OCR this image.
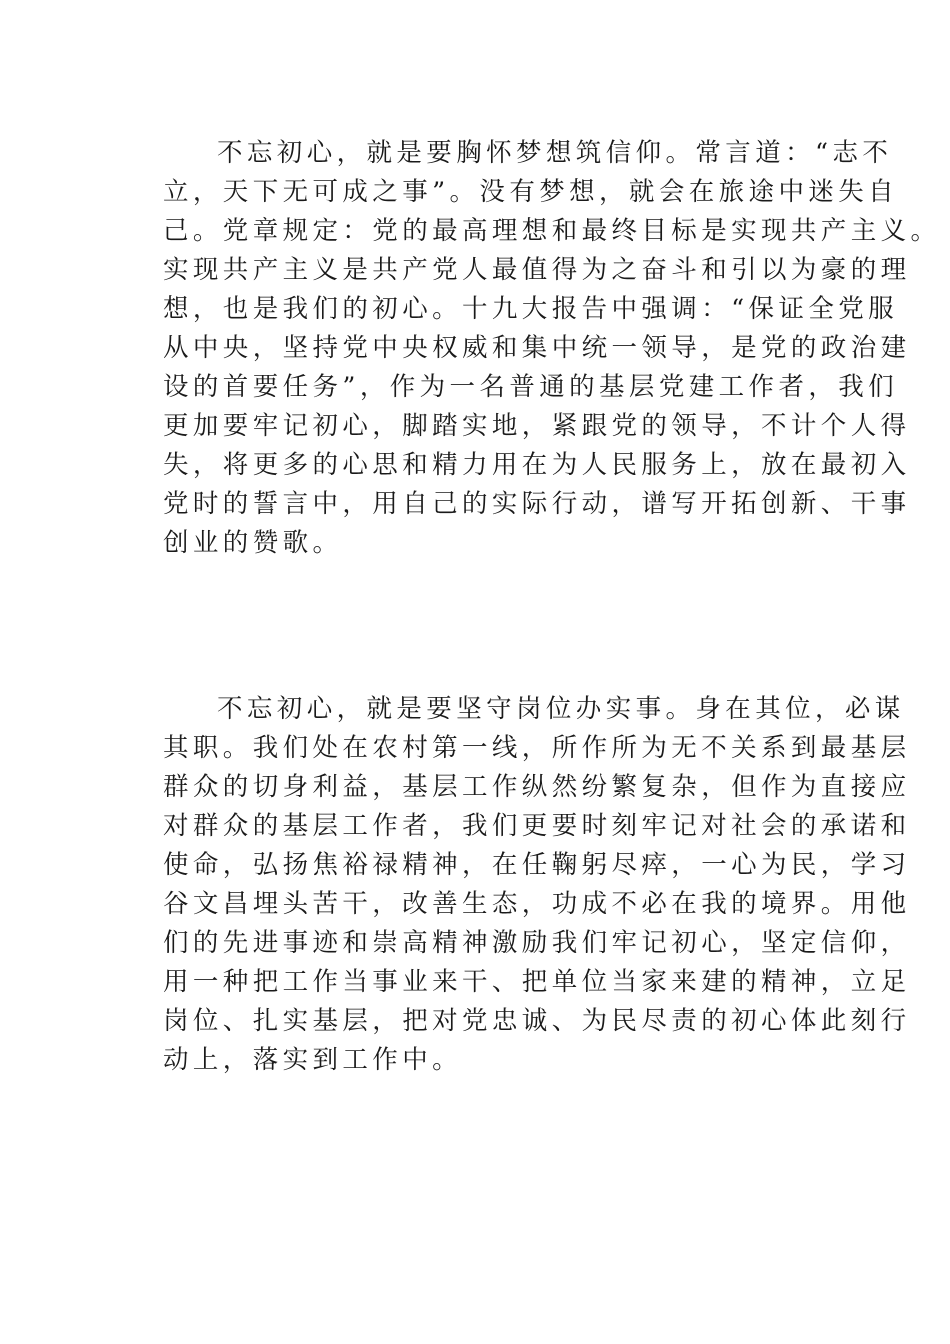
不忘初心，就是要胸怀梦想筑信仰。常言道：“志不
立，天下无可成之事”。没有梦想，就会在旅途中迷失自
己。党章规定：党的最高理想和最终目标是实现共产主义。
实现共产主义是共产党人最值得为之奋斗和引以为豪的理
想，也是我们的初心。十九大报告中强调：“保证全党服
从中央，坚持党中央权威和集中统一领导，是党的政治建
设的首要任务”，作为一名普通的基层党建工作者，我们
更加要牢记初心，脚踏实地，紧跟党的领导，不计个人得
失，将更多的心思和精力用在为人民服务上，放在最初入
党时的誓言中，用自己的实际行动，谱写开拓创新、干事
创业的赞歌。
不忘初心，就是要坚守岗位办实事。身在其位，必谋
其职。我们处在农村第一线，所作所为无不关系到最基层
群众的切身利益，基层工作纵然纷繁复杂，但作为直接应
对群众的基层工作者，我们更要时刻牢记对社会的承诺和
使命，弘扬焦裕禄精神，在任鞠躬尽瘁，一心为民，学习
谷文昌埋头苦干，改善生态，功成不必在我的境界。用他
们的先进事迹和崇高精神激励我们牢记初心，坚定信仰，
用一种把工作当事业来干、把单位当家来建的精神，立足
岗位、扎实基层，把对党忠诚、为民尽责的初心体此刻行
动上，落实到工作中。
